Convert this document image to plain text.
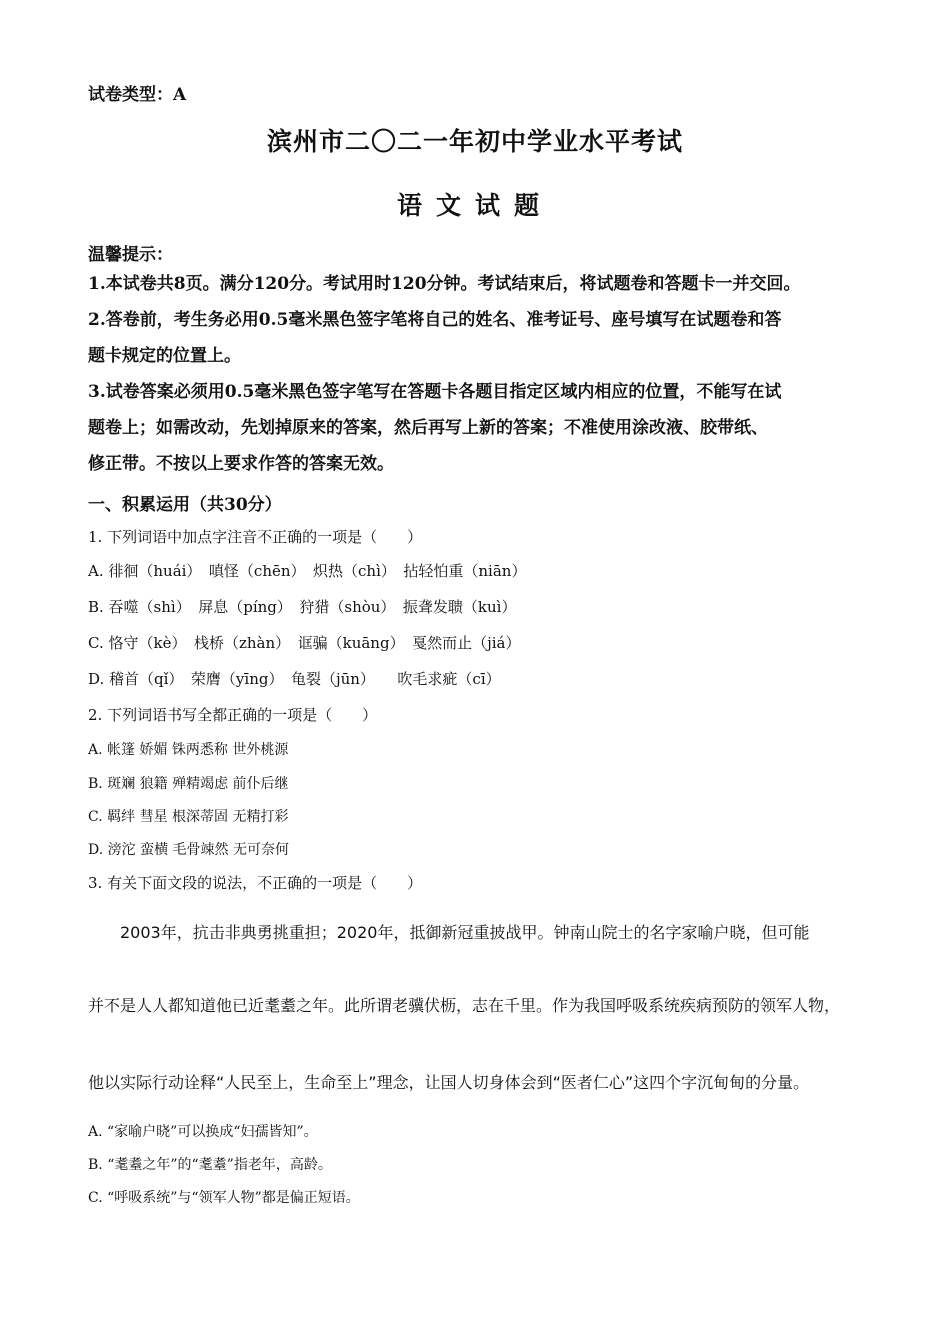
试卷类型：A
滨州市二〇二一年初中学业水平考试
语文试题
温馨提示：
1.本试卷共8页。满分120分。考试用时120分钟。考试结束后，将试题卷和答题卡一并交回。
2.答卷前，考生务必用0.5毫米黑色签字笔将自己的姓名、准考证号、座号填写在试题卷和答
题卡规定的位置上。
3.试卷答案必须用0.5毫米黑色签字笔写在答题卡各题目指定区域内相应的位置，不能写在试
题卷上；如需改动，先划掉原来的答案，然后再写上新的答案；不准使用涂改液、胶带纸、
修正带。不按以上要求作答的答案无效。
一、积累运用（共30分）
1. 下列词语中加点字注音不正确的一项是（　　）
A. 徘徊（huái）　嗔怪（chēn）　炽热（chì）　拈轻怕重（niān）
B. 吞噬（shì）　屏息（píng）　狩猎（shòu）　振聋发聩（kuì）
C. 恪守（kè）　栈桥（zhàn）　诓骗（kuāng）　戛然而止（jiá）
D. 稽首（qǐ）　荣膺（yīng）　龟裂（jūn）　　吹毛求疵（cī）
2. 下列词语书写全都正确的一项是（　　）
A. 帐篷 娇媚 铢两悉称 世外桃源
B. 斑斓 狼籍 殚精竭虑 前仆后继
C. 羁绊 彗星 根深蒂固 无精打彩
D. 滂沱 蛮横 毛骨竦然 无可奈何
3. 有关下面文段的说法，不正确的一项是（　　）
2003年，抗击非典勇挑重担；2020年，抵御新冠重披战甲。钟南山院士的名字家喻户晓，但可能
并不是人人都知道他已近耄耋之年。此所谓老骥伏枥，志在千里。作为我国呼吸系统疾病预防的领军人物，
他以实际行动诠释“人民至上，生命至上”理念，让国人切身体会到“医者仁心”这四个字沉甸甸的分量。
A. “家喻户晓”可以换成“妇孺皆知”。
B. “耄耋之年”的“耄耋”指老年，高龄。
C. “呼吸系统”与“领军人物”都是偏正短语。
